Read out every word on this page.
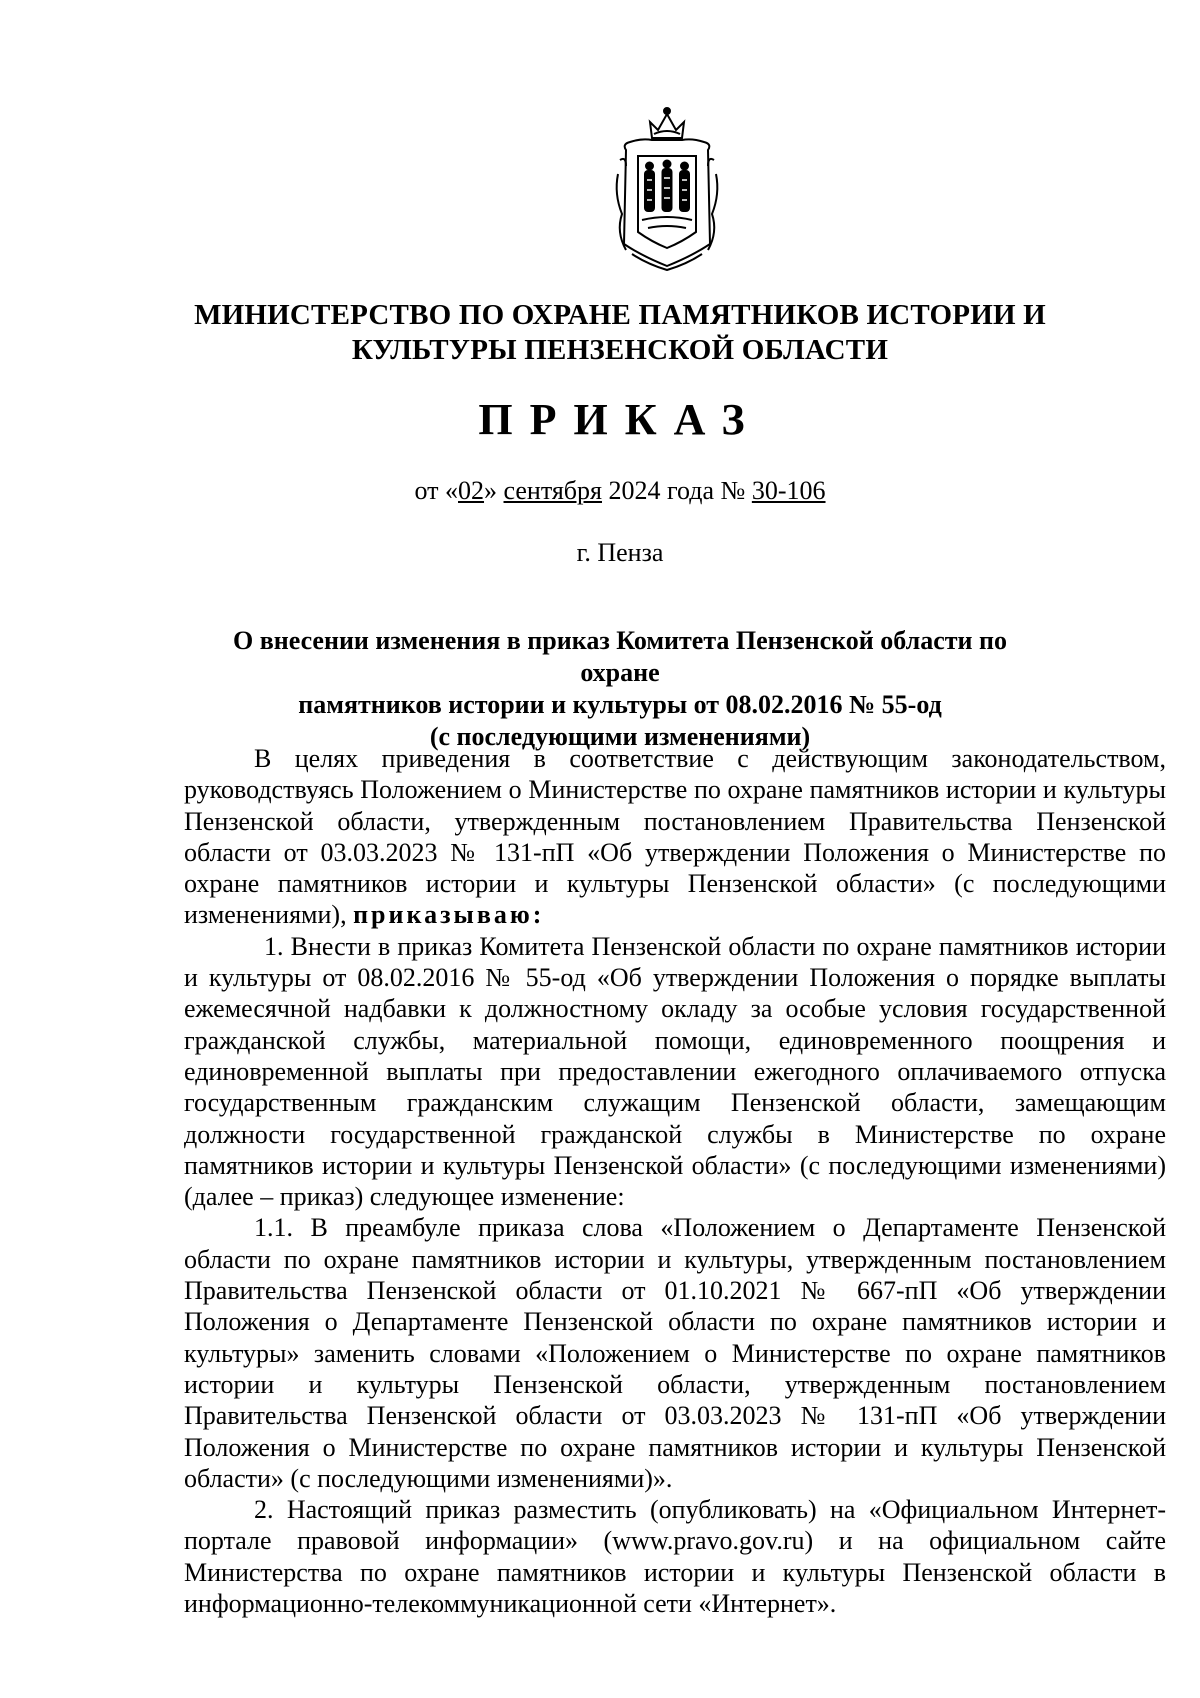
МИНИСТЕРСТВО ПО ОХРАНЕ ПАМЯТНИКОВ ИСТОРИИ И
КУЛЬТУРЫ ПЕНЗЕНСКОЙ ОБЛАСТИ
ПРИКАЗ
от «02» сентября 2024 года № 30-106
г. Пенза
О внесении изменения в приказ Комитета Пензенской области по охране
памятников истории и культуры от 08.02.2016 № 55-од
(с последующими изменениями)

В целях приведения в соответствие с действующим законодательством, руководствуясь Положением о Министерстве по охране памятников истории и культуры Пензенской области, утвержденным постановлением Правительства Пензенской области от 03.03.2023 № 131-пП «Об утверждении Положения о Министерстве по охране памятников истории и культуры Пензенской области» (с последующими изменениями), приказываю:

1. Внести в приказ Комитета Пензенской области по охране памятников истории и культуры от 08.02.2016 № 55-од «Об утверждении Положения о порядке выплаты ежемесячной надбавки к должностному окладу за особые условия государственной гражданской службы, материальной помощи, единовременного поощрения и единовременной выплаты при предоставлении ежегодного оплачиваемого отпуска государственным гражданским служащим Пензенской области, замещающим должности государственной гражданской службы в Министерстве по охране памятников истории и культуры Пензенской области» (с последующими изменениями) (далее – приказ) следующее изменение:

1.1. В преамбуле приказа слова «Положением о Департаменте Пензенской области по охране памятников истории и культуры, утвержденным постановлением Правительства Пензенской области от 01.10.2021 № 667-пП «Об утверждении Положения о Департаменте Пензенской области по охране памятников истории и культуры» заменить словами «Положением о Министерстве по охране памятников истории и культуры Пензенской области, утвержденным постановлением Правительства Пензенской области от 03.03.2023 № 131-пП «Об утверждении Положения о Министерстве по охране памятников истории и культуры Пензенской области» (с последующими изменениями)».

2. Настоящий приказ разместить (опубликовать) на «Официальном Интернет-портале правовой информации» (www.pravo.gov.ru) и на официальном сайте Министерства по охране памятников истории и культуры Пензенской области в информационно-телекоммуникационной сети «Интернет».
